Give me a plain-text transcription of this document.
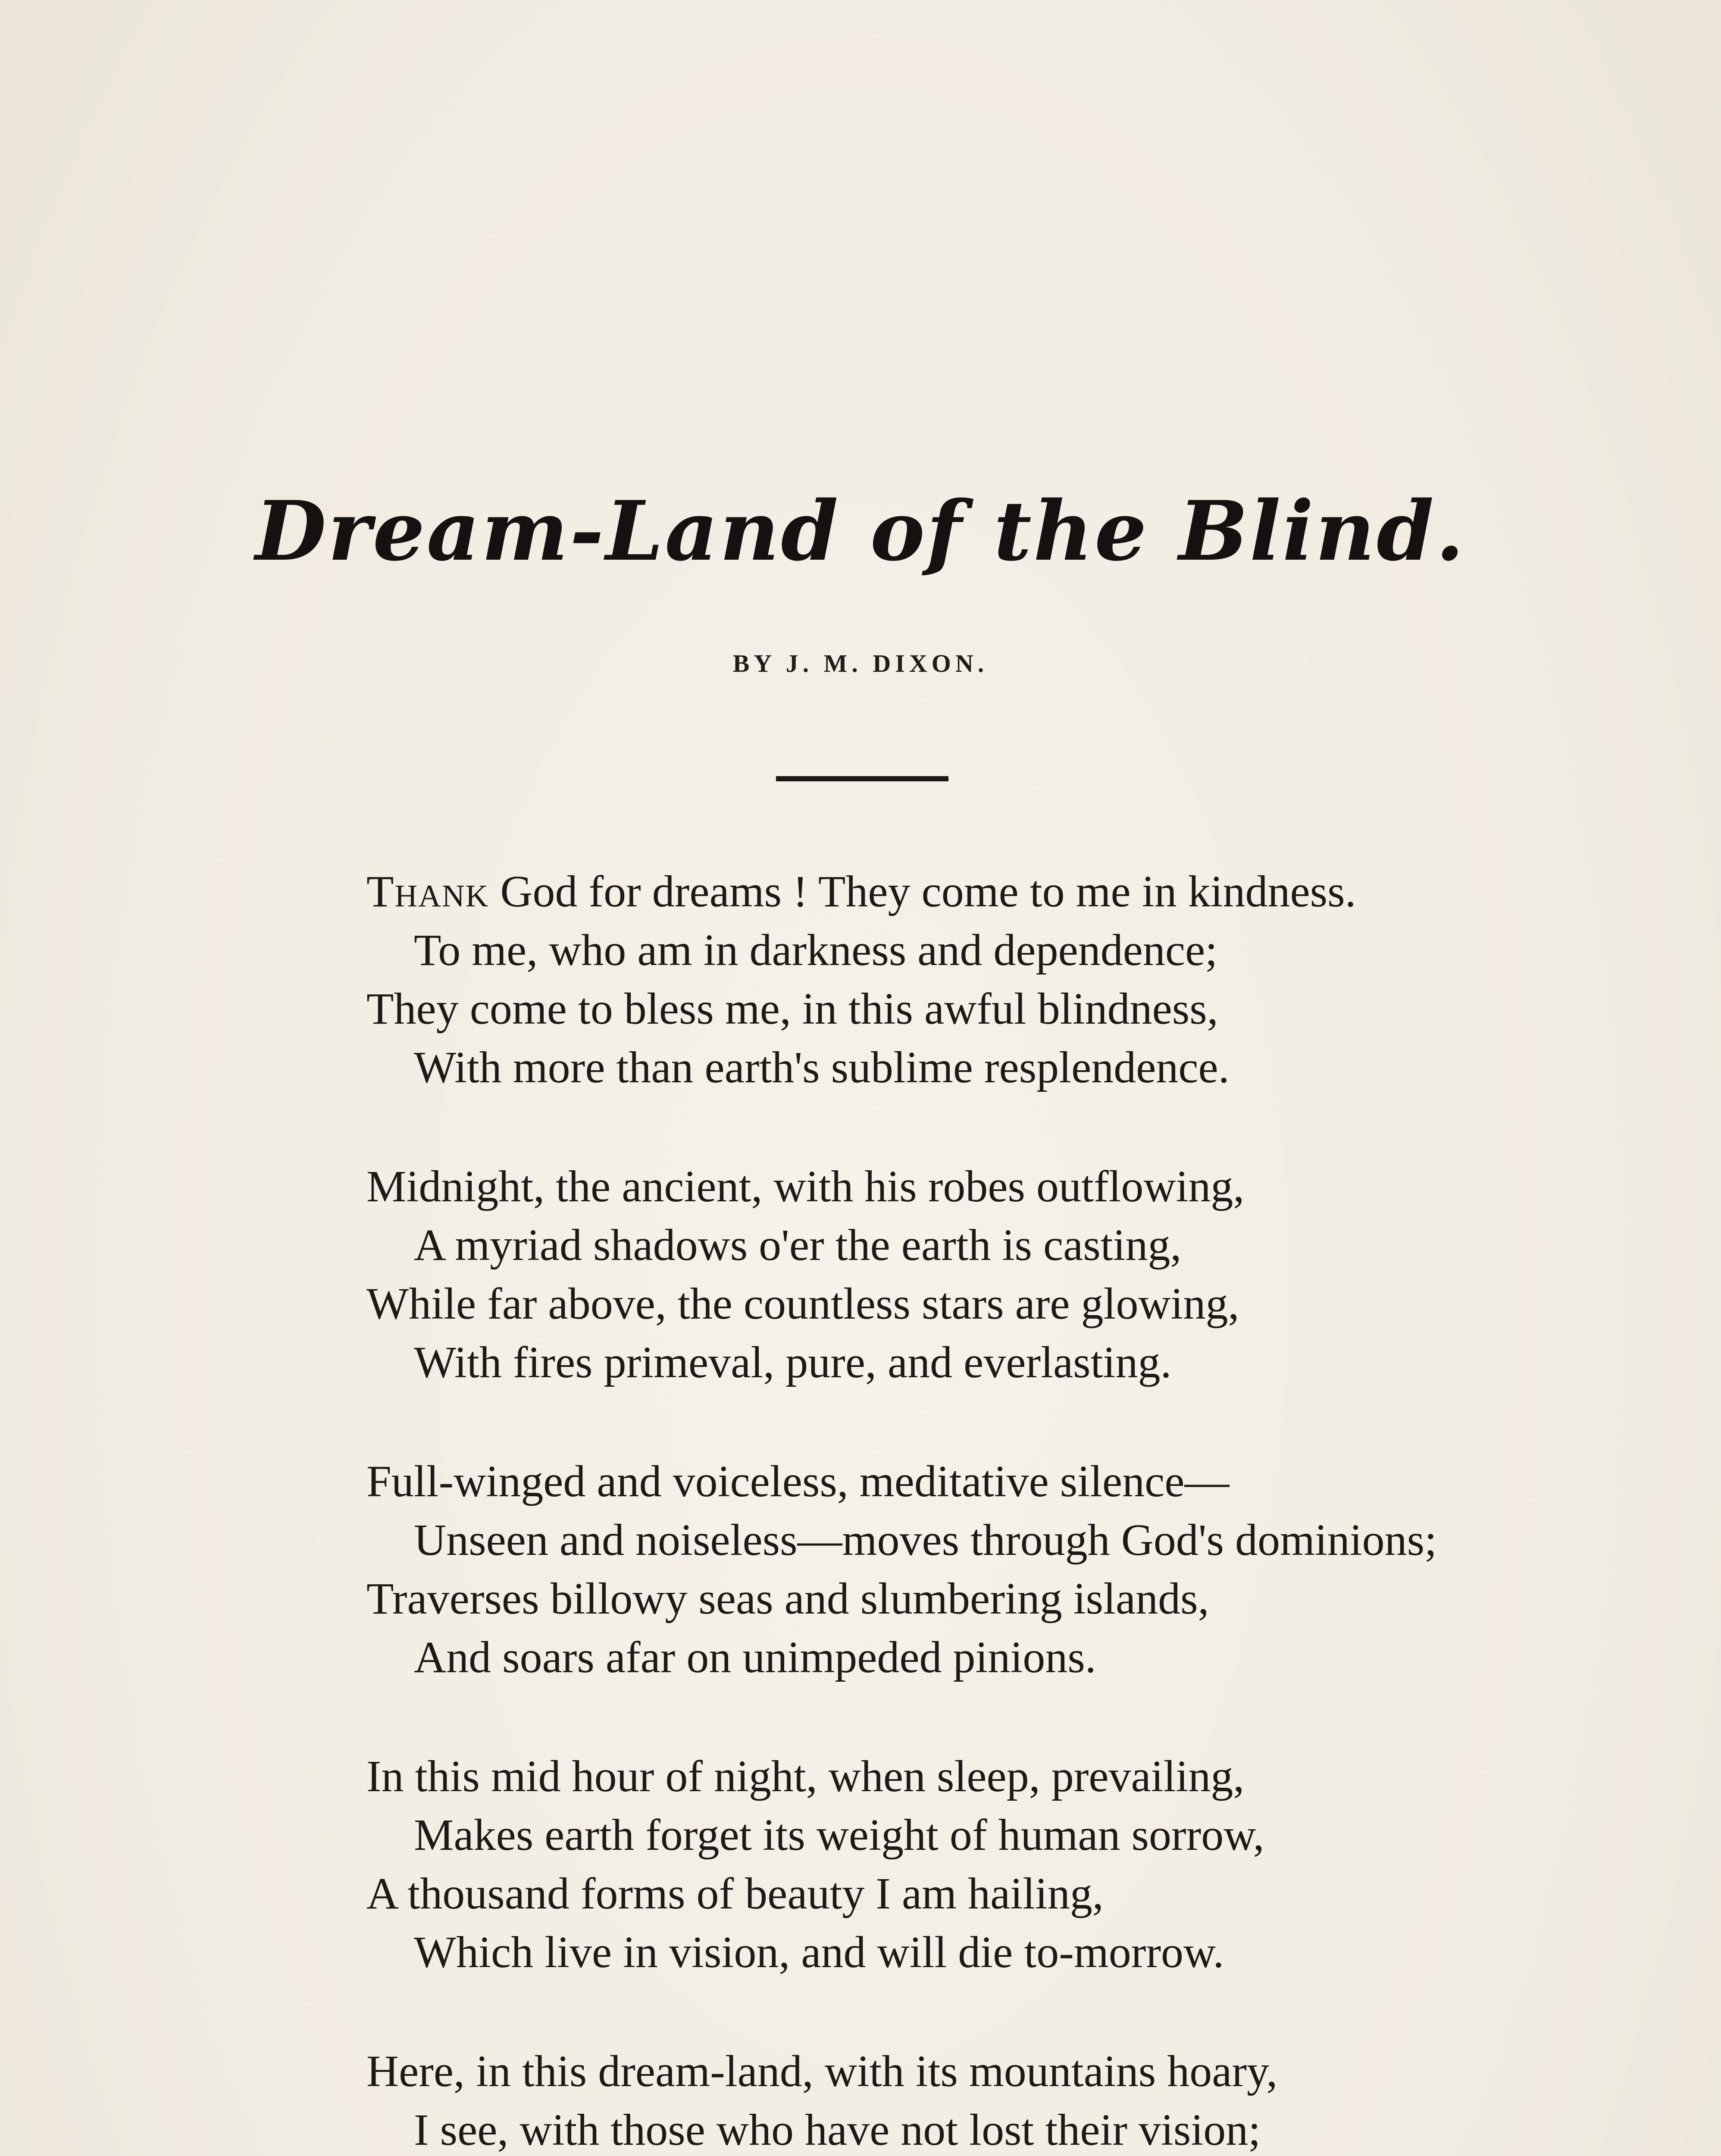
Dream-Land of the Blind.
BY J. M. DIXON.
Thank God for dreams ! They come to me in kindness.
To me, who am in darkness and dependence;
They come to bless me, in this awful blindness,
With more than earth's sublime resplendence.
Midnight, the ancient, with his robes outflowing,
A myriad shadows o'er the earth is casting,
While far above, the countless stars are glowing,
With fires primeval, pure, and everlasting.
Full-winged and voiceless, meditative silence—
Unseen and noiseless—moves through God's dominions;
Traverses billowy seas and slumbering islands,
And soars afar on unimpeded pinions.
In this mid hour of night, when sleep, prevailing,
Makes earth forget its weight of human sorrow,
A thousand forms of beauty I am hailing,
Which live in vision, and will die to-morrow.
Here, in this dream-land, with its mountains hoary,
I see, with those who have not lost their vision;
